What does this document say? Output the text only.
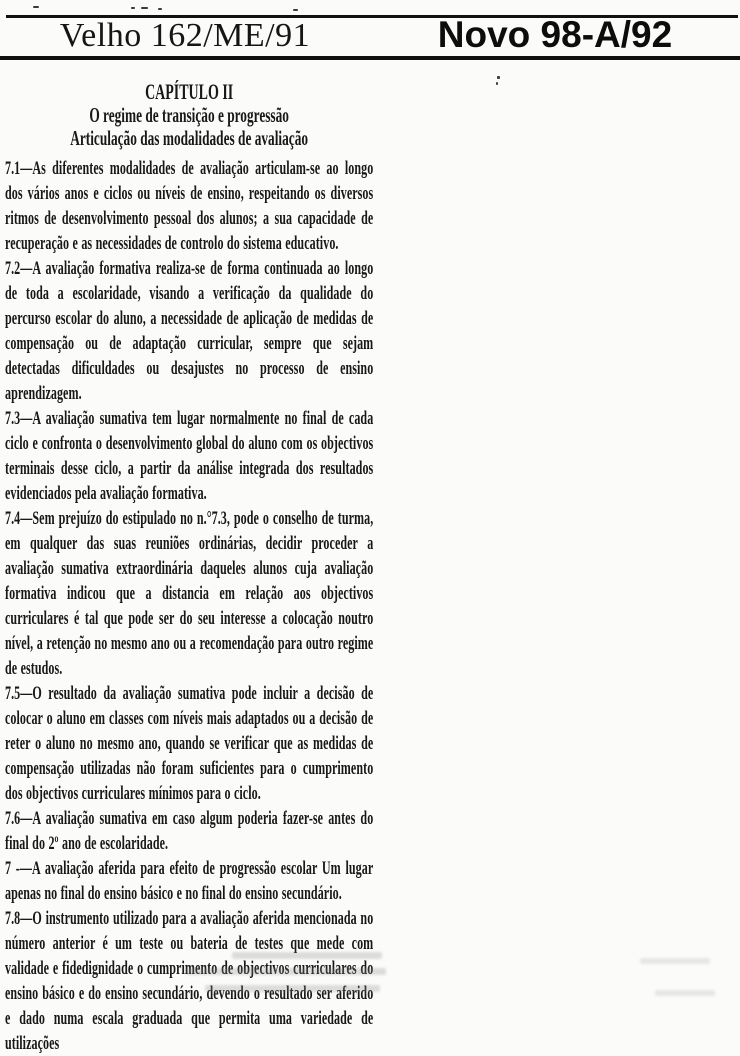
Velho 162/ME/91	Novo 98-A/92
CAPÍTULO II
O regime de transição e progressão
Articulação das modalidades de avaliação

7.1—As diferentes modalidades de avaliação articulam-se ao longo dos vários anos e ciclos ou níveis de ensino, respeitando os diversos ritmos de desenvolvimento pessoal dos alunos; a sua capacidade de recuperação e as necessidades de controlo do sistema educativo.

7.2—A avaliação formativa realiza-se de forma continuada ao longo de toda a escolaridade, visando a verificação da qualidade do percurso escolar do aluno, a necessidade de aplicação de medidas de compensação ou de adaptação curricular, sempre que sejam detectadas dificuldades ou desajustes no processo de ensino aprendizagem.

7.3—A avaliação sumativa tem lugar normalmente no final de cada ciclo e confronta o desenvolvimento global do aluno com os objectivos terminais desse ciclo, a partir da análise integrada dos resultados evidenciados pela avaliação formativa.

7.4—Sem prejuízo do estipulado no n.°7.3, pode o conselho de turma, em qualquer das suas reuniões ordinárias, decidir proceder a avaliação sumativa extraordinária daqueles alunos cuja avaliação formativa indicou que a distancia em relação aos objectivos curriculares é tal que pode ser do seu interesse a colocação noutro nível, a retenção no mesmo ano ou a recomendação para outro regime de estudos.

7.5—O resultado da avaliação sumativa pode incluir a decisão de colocar o aluno em classes com níveis mais adaptados ou a decisão de reter o aluno no mesmo ano, quando se verificar que as medidas de compensação utilizadas não foram suficientes para o cumprimento dos objectivos curriculares mínimos para o ciclo.

7.6—A avaliação sumativa em caso algum poderia fazer-se antes do final do 2º ano de escolaridade.

7 -—A avaliação aferida para efeito de progressão escolar Um lugar apenas no final do ensino básico e no final do ensino secundário.

7.8—O instrumento utilizado para a avaliação aferida mencionada no número anterior é um teste ou bateria de testes que mede com validade e fidedignidade o cumprimento de objectivos curriculares do ensino básico e do ensino secundário, devendo o resultado ser aferido e dado numa escala graduada que permita uma variedade de utilizações
